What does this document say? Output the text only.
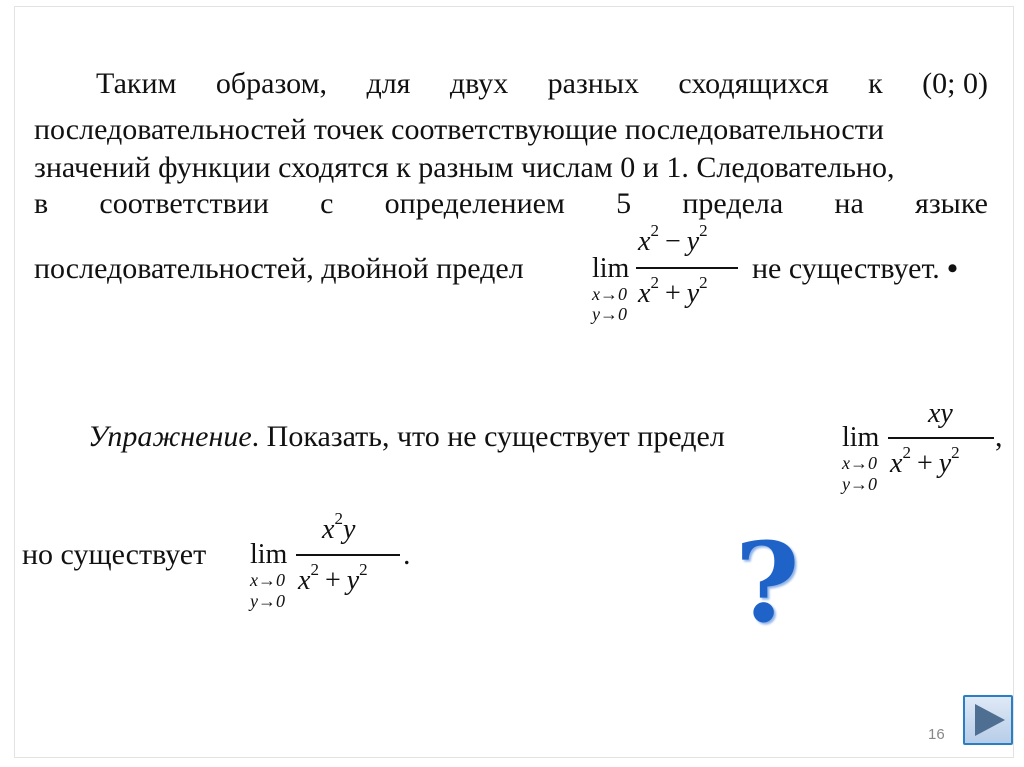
Таким образом, для двух разных сходящихся к (0; 0)
последовательностей точек соответствующие последовательности
значений функции сходятся к разным числам 0 и 1. Следовательно,
в соответствии с определением 5 предела на языке
последовательностей, двойной предел lim
x→0
y→0
$x^2 - y^2$
$x^2 + y^2$ не существует. •
Упражнение. Показать, что не существует предел	lim
x→0
y→0
xy
$x^2 + y^2$ ,
но существует lim
x→0
y→0
$x^2y$
$x^2 + y^2$ .	?
16
